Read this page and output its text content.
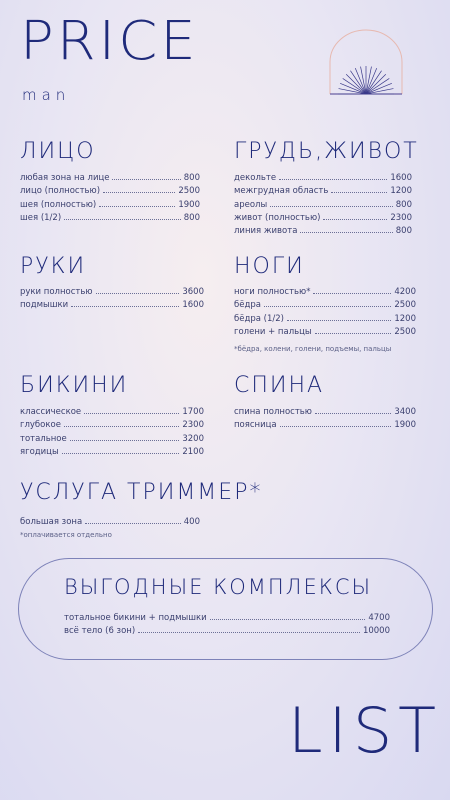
PRICE
man
ЛИЦО
любая зона на лице	800
лицо (полностью)	2500
шея (полностью)	1900
шея (1/2)	800
ГРУДЬ,ЖИВОТ
декольте	1600
межгрудная область	1200
ареолы	800
живот (полностью)	2300
линия живота	800
РУКИ
руки полностью	3600
подмышки	1600
НОГИ
ноги полностью*	4200
бёдра	2500
бёдра (1/2)	1200
голени + пальцы	2500
*бёдра, колени, голени, подъемы, пальцы
БИКИНИ
классическое	1700
глубокое	2300
тотальное	3200
ягодицы	2100
СПИНА
спина полностью	3400
поясница	1900
УСЛУГА ТРИММЕР*
большая зона	400
*оплачивается отдельно
ВЫГОДНЫЕ КОМПЛЕКСЫ
тотальное бикини + подмышки	4700
всё тело (6 зон)	10000
LIST
